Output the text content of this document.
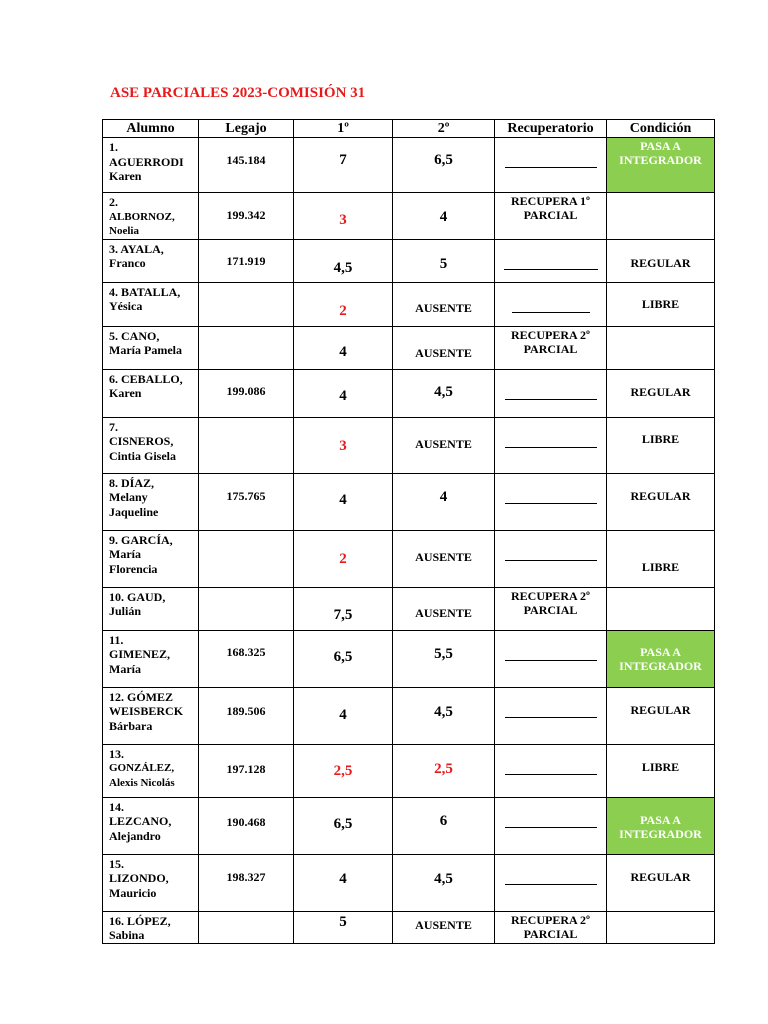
ASE PARCIALES 2023-COMISIÓN 31
Alumno	Legajo	1º	2º	Recuperatorio	Condición

1.
AGUERRODI
Karen	145.184	7	6,5		PASA A INTEGRADOR

2.
ALBORNOZ,
Noelia	199.342	3	4	RECUPERA 1º PARCIAL	

3. AYALA,
Franco	171.919	4,5	5		REGULAR

4. BATALLA,
Yésica		2	AUSENTE		LIBRE

5. CANO,
María Pamela		4	AUSENTE	RECUPERA 2º PARCIAL	

6. CEBALLO,
Karen	199.086	4	4,5		REGULAR

7.
CISNEROS,
Cintia Gisela		3	AUSENTE		LIBRE

8. DÍAZ,
Melany
Jaqueline	175.765	4	4		REGULAR

9. GARCÍA,
María
Florencia		2	AUSENTE		LIBRE

10. GAUD,
Julián		7,5	AUSENTE	RECUPERA 2º PARCIAL	

11.
GIMENEZ,
María	168.325	6,5	5,5		PASA A INTEGRADOR

12. GÓMEZ
WEISBERCK
Bárbara	189.506	4	4,5		REGULAR

13.
GONZÁLEZ,
Alexis Nicolás	197.128	2,5	2,5		LIBRE

14.
LEZCANO,
Alejandro	190.468	6,5	6		PASA A INTEGRADOR

15.
LIZONDO,
Mauricio	198.327	4	4,5		REGULAR

16. LÓPEZ,
Sabina		5	AUSENTE	RECUPERA 2º PARCIAL	
